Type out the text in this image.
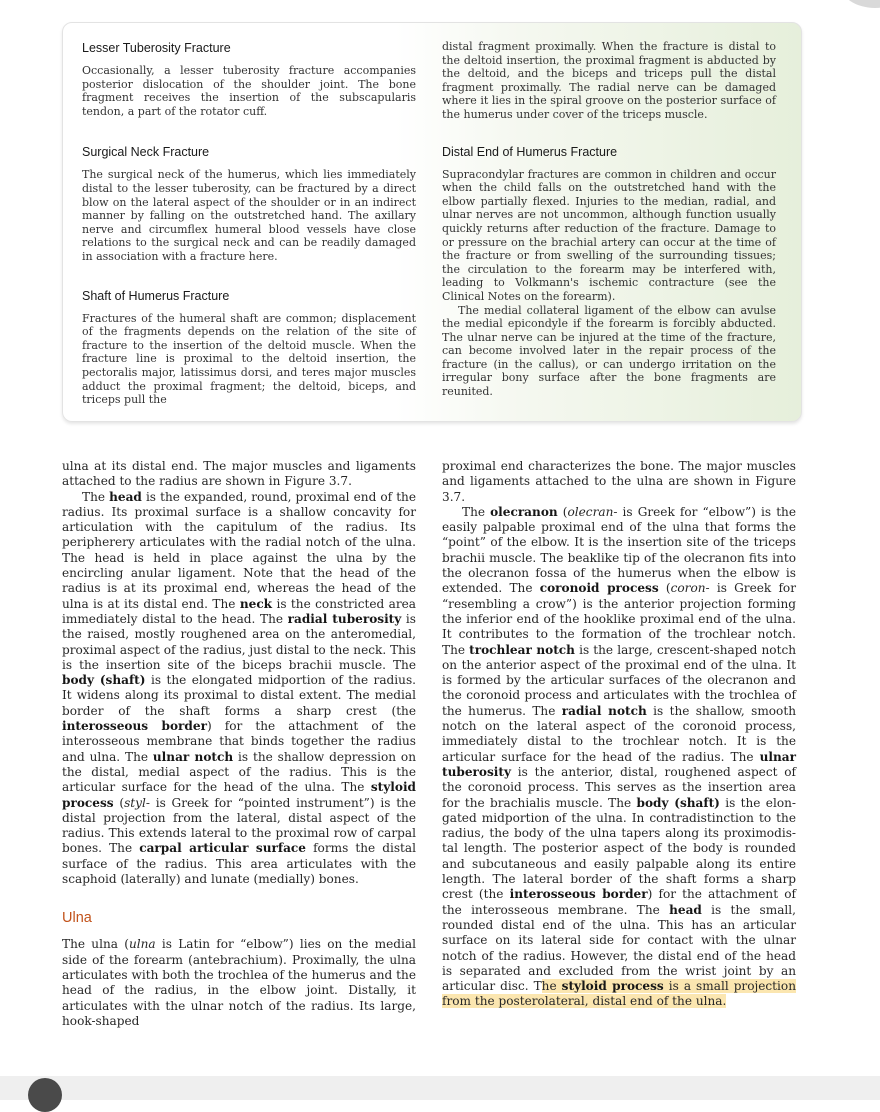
Lesser Tuberosity Fracture

Occasionally, a lesser tuberosity fracture accompanies posterior dislocation of the shoulder joint. The bone fragment receives the insertion of the subscapularis tendon, a part of the rotator cuff.

Surgical Neck Fracture

The surgical neck of the humerus, which lies immediately distal to the lesser tuberosity, can be fractured by a direct blow on the lateral aspect of the shoulder or in an indirect manner by falling on the outstretched hand. The axillary nerve and circumflex humeral blood vessels have close relations to the surgical neck and can be readily damaged in association with a fracture here.

Shaft of Humerus Fracture

Fractures of the humeral shaft are common; displacement of the fragments depends on the relation of the site of fracture to the insertion of the deltoid muscle. When the fracture line is proximal to the deltoid insertion, the pectoralis major, latissimus dorsi, and teres major muscles adduct the proximal fragment; the deltoid, biceps, and triceps pull the

distal fragment proximally. When the fracture is distal to the deltoid insertion, the proximal fragment is abducted by the deltoid, and the biceps and triceps pull the distal fragment proximally. The radial nerve can be damaged where it lies in the spiral groove on the posterior surface of the humerus under cover of the triceps muscle.

Distal End of Humerus Fracture

Supracondylar fractures are common in children and occur when the child falls on the outstretched hand with the elbow partially flexed. Injuries to the median, radial, and ulnar nerves are not uncommon, although function usually quickly returns after reduction of the fracture. Damage to or pressure on the brachial artery can occur at the time of the fracture or from swelling of the surrounding tissues; the circulation to the forearm may be interfered with, leading to Volkmann's ischemic contracture (see the Clinical Notes on the forearm).

The medial collateral ligament of the elbow can avulse the medial epicondyle if the forearm is forcibly abducted. The ulnar nerve can be injured at the time of the fracture, can become involved later in the repair process of the fracture (in the callus), or can undergo irritation on the irregular bony surface after the bone fragments are reunited.

ulna at its distal end. The major muscles and ligaments attached to the radius are shown in Figure 3.7.

The head is the expanded, round, proximal end of the radius. Its proximal surface is a shallow concavity for articulation with the capitulum of the radius. Its peripherery articulates with the radial notch of the ulna. The head is held in place against the ulna by the encircling anular ligament. Note that the head of the radius is at its proximal end, whereas the head of the ulna is at its distal end. The neck is the constricted area immediately distal to the head. The radial tuberosity is the raised, mostly roughened area on the anteromedial, proximal aspect of the radius, just distal to the neck. This is the insertion site of the biceps brachii muscle. The body (shaft) is the elongated midportion of the radius. It widens along its proximal to distal extent. The medial border of the shaft forms a sharp crest (the interosseous border) for the attachment of the interosseous membrane that binds together the radius and ulna. The ulnar notch is the shallow depression on the distal, medial aspect of the radius. This is the articular surface for the head of the ulna. The styloid process (styl- is Greek for “pointed instrument”) is the distal projection from the lateral, distal aspect of the radius. This extends lateral to the proximal row of carpal bones. The carpal articular surface forms the distal surface of the radius. This area articulates with the scaphoid (laterally) and lunate (medially) bones.

Ulna

The ulna (ulna is Latin for “elbow”) lies on the medial side of the forearm (antebrachium). Proximally, the ulna articulates with both the trochlea of the humerus and the head of the radius, in the elbow joint. Distally, it articulates with the ulnar notch of the radius. Its large, hook-shaped

proximal end characterizes the bone. The major muscles and ligaments attached to the ulna are shown in Figure 3.7.

The olecranon (olecran- is Greek for “elbow”) is the easily palpable proximal end of the ulna that forms the “point” of the elbow. It is the insertion site of the triceps brachii muscle. The beaklike tip of the olecranon fits into the olecranon fossa of the humerus when the elbow is extended. The coronoid process (coron- is Greek for “resembling a crow”) is the anterior projection forming the inferior end of the hooklike proximal end of the ulna. It contributes to the formation of the trochlear notch. The trochlear notch is the large, crescent-shaped notch on the anterior aspect of the proximal end of the ulna. It is formed by the articular surfaces of the olecranon and the coronoid process and articulates with the trochlea of the humerus. The radial notch is the shallow, smooth notch on the lateral aspect of the coronoid process, immediately distal to the trochlear notch. It is the articular surface for the head of the radius. The ulnar tuberosity is the anterior, distal, roughened aspect of the coronoid process. This serves as the insertion area for the brachialis muscle. The body (shaft) is the elongated midportion of the ulna. In contradistinction to the radius, the body of the ulna tapers along its proximodistal length. The posterior aspect of the body is rounded and subcutaneous and easily palpable along its entire length. The lateral border of the shaft forms a sharp crest (the interosseous border) for the attachment of the interosseous membrane. The head is the small, rounded distal end of the ulna. This has an articular surface on its lateral side for contact with the ulnar notch of the radius. However, the distal end of the head is separated and excluded from the wrist joint by an articular disc. The styloid process is a small projection from the posterolateral, distal end of the ulna.
